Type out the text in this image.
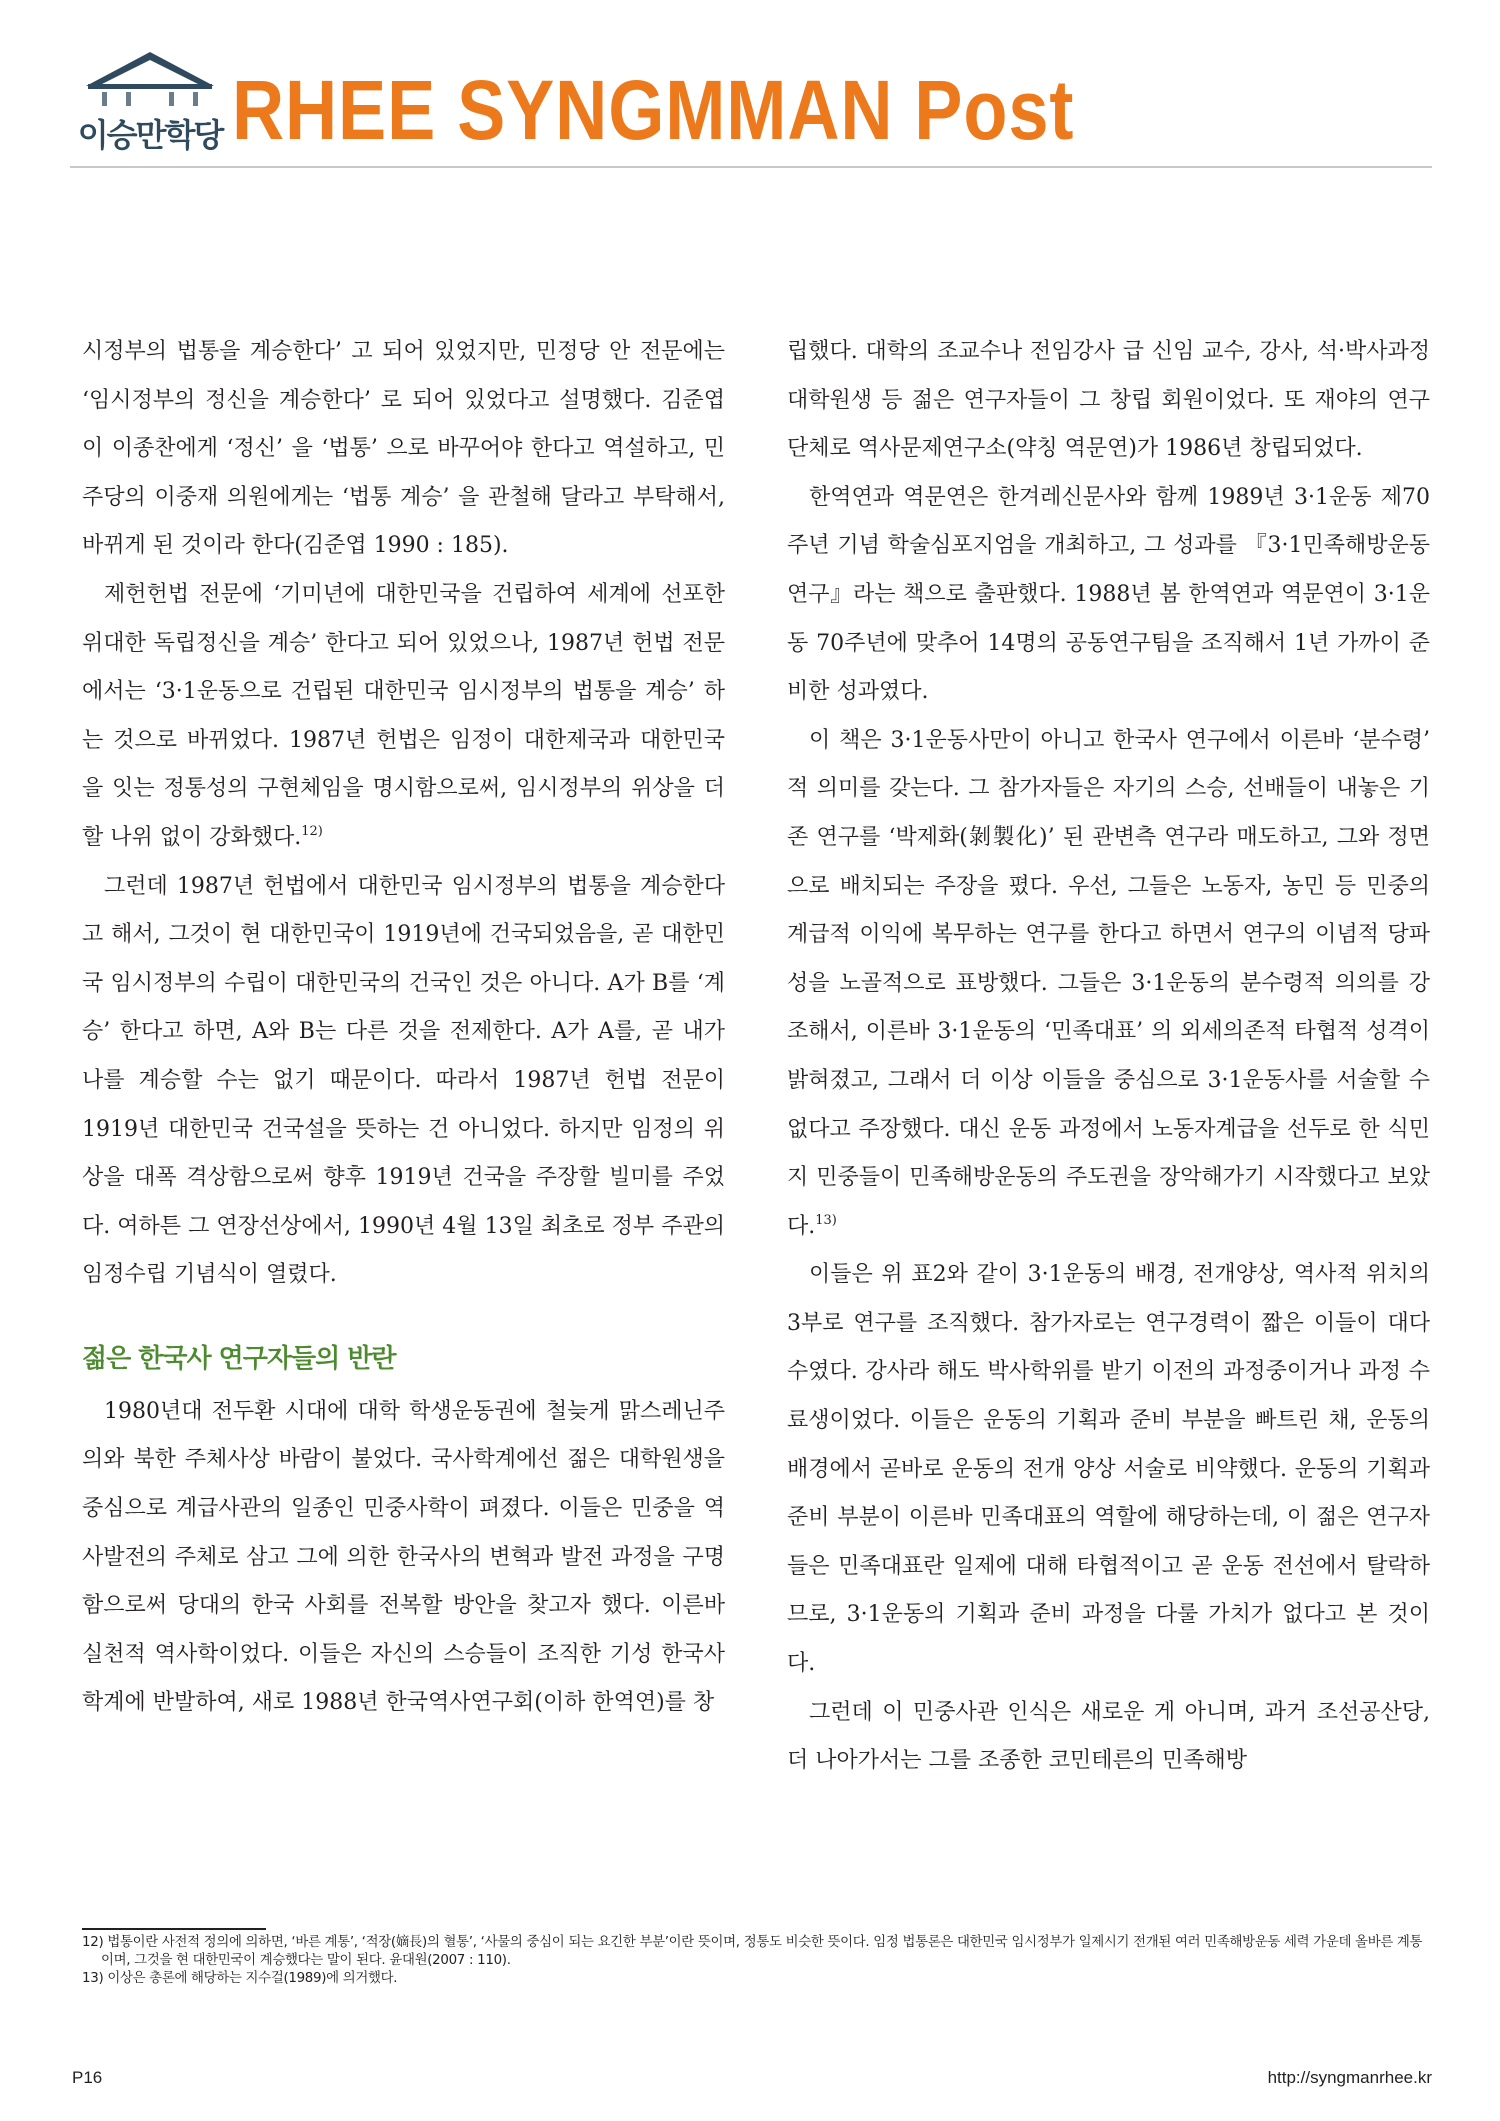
이승만학당 RHEE SYNGMMAN Post

시정부의 법통을 계승한다’ 고 되어 있었지만, 민정당 안 전문에는 ‘임시정부의 정신을 계승한다’ 로 되어 있었다고 설명했다. 김준엽이 이종찬에게 ‘정신’ 을 ‘법통’ 으로 바꾸어야 한다고 역설하고, 민주당의 이중재 의원에게는 ‘법통 계승’ 을 관철해 달라고 부탁해서, 바뀌게 된 것이라 한다(김준엽 1990 : 185).

제헌헌법 전문에 ‘기미년에 대한민국을 건립하여 세계에 선포한 위대한 독립정신을 계승’ 한다고 되어 있었으나, 1987년 헌법 전문에서는 ‘3·1운동으로 건립된 대한민국 임시정부의 법통을 계승’ 하는 것으로 바뀌었다. 1987년 헌법은 임정이 대한제국과 대한민국을 잇는 정통성의 구현체임을 명시함으로써, 임시정부의 위상을 더할 나위 없이 강화했다.$^{12)}$

그런데 1987년 헌법에서 대한민국 임시정부의 법통을 계승한다고 해서, 그것이 현 대한민국이 1919년에 건국되었음을, 곧 대한민국 임시정부의 수립이 대한민국의 건국인 것은 아니다. A가 B를 ‘계승’ 한다고 하면, A와 B는 다른 것을 전제한다. A가 A를, 곧 내가 나를 계승할 수는 없기 때문이다. 따라서 1987년 헌법 전문이 1919년 대한민국 건국설을 뜻하는 건 아니었다. 하지만 임정의 위상을 대폭 격상함으로써 향후 1919년 건국을 주장할 빌미를 주었다. 여하튼 그 연장선상에서, 1990년 4월 13일 최초로 정부 주관의 임정수립 기념식이 열렸다.

젊은 한국사 연구자들의 반란

1980년대 전두환 시대에 대학 학생운동권에 철늦게 맑스레닌주의와 북한 주체사상 바람이 불었다. 국사학계에선 젊은 대학원생을 중심으로 계급사관의 일종인 민중사학이 펴졌다. 이들은 민중을 역사발전의 주체로 삼고 그에 의한 한국사의 변혁과 발전 과정을 구명함으로써 당대의 한국 사회를 전복할 방안을 찾고자 했다. 이른바 실천적 역사학이었다. 이들은 자신의 스승들이 조직한 기성 한국사학계에 반발하여, 새로 1988년 한국역사연구회(이하 한역연)를 창

립했다. 대학의 조교수나 전임강사 급 신임 교수, 강사, 석·박사과정 대학원생 등 젊은 연구자들이 그 창립 회원이었다. 또 재야의 연구단체로 역사문제연구소(약칭 역문연)가 1986년 창립되었다.

한역연과 역문연은 한겨레신문사와 함께 1989년 3·1운동 제70주년 기념 학술심포지엄을 개최하고, 그 성과를 『3·1민족해방운동연구』라는 책으로 출판했다. 1988년 봄 한역연과 역문연이 3·1운동 70주년에 맞추어 14명의 공동연구팀을 조직해서 1년 가까이 준비한 성과였다.

이 책은 3·1운동사만이 아니고 한국사 연구에서 이른바 ‘분수령’ 적 의미를 갖는다. 그 참가자들은 자기의 스승, 선배들이 내놓은 기존 연구를 ‘박제화(剝製化)’ 된 관변측 연구라 매도하고, 그와 정면으로 배치되는 주장을 폈다. 우선, 그들은 노동자, 농민 등 민중의 계급적 이익에 복무하는 연구를 한다고 하면서 연구의 이념적 당파성을 노골적으로 표방했다. 그들은 3·1운동의 분수령적 의의를 강조해서, 이른바 3·1운동의 ‘민족대표’ 의 외세의존적 타협적 성격이 밝혀졌고, 그래서 더 이상 이들을 중심으로 3·1운동사를 서술할 수 없다고 주장했다. 대신 운동 과정에서 노동자계급을 선두로 한 식민지 민중들이 민족해방운동의 주도권을 장악해가기 시작했다고 보았다.$^{13)}$

이들은 위 표2와 같이 3·1운동의 배경, 전개양상, 역사적 위치의 3부로 연구를 조직했다. 참가자로는 연구경력이 짧은 이들이 대다수였다. 강사라 해도 박사학위를 받기 이전의 과정중이거나 과정 수료생이었다. 이들은 운동의 기획과 준비 부분을 빠트린 채, 운동의 배경에서 곧바로 운동의 전개 양상 서술로 비약했다. 운동의 기획과 준비 부분이 이른바 민족대표의 역할에 해당하는데, 이 젊은 연구자들은 민족대표란 일제에 대해 타협적이고 곧 운동 전선에서 탈락하므로, 3·1운동의 기획과 준비 과정을 다룰 가치가 없다고 본 것이다.

그런데 이 민중사관 인식은 새로운 게 아니며, 과거 조선공산당, 더 나아가서는 그를 조종한 코민테른의 민족해방

12) 법통이란 사전적 정의에 의하면, ‘바른 계통’, ‘적장(嫡長)의 혈통’, ‘사물의 중심이 되는 요긴한 부분’이란 뜻이며, 정통도 비슷한 뜻이다. 임정 법통론은 대한민국 임시정부가 일제시기 전개된 여러 민족해방운동 세력 가운데 올바른 계통이며, 그것을 현 대한민국이 계승했다는 말이 된다. 윤대원(2007 : 110).

13) 이상은 총론에 해당하는 지수걸(1989)에 의거했다.

P16	http://syngmanrhee.kr
